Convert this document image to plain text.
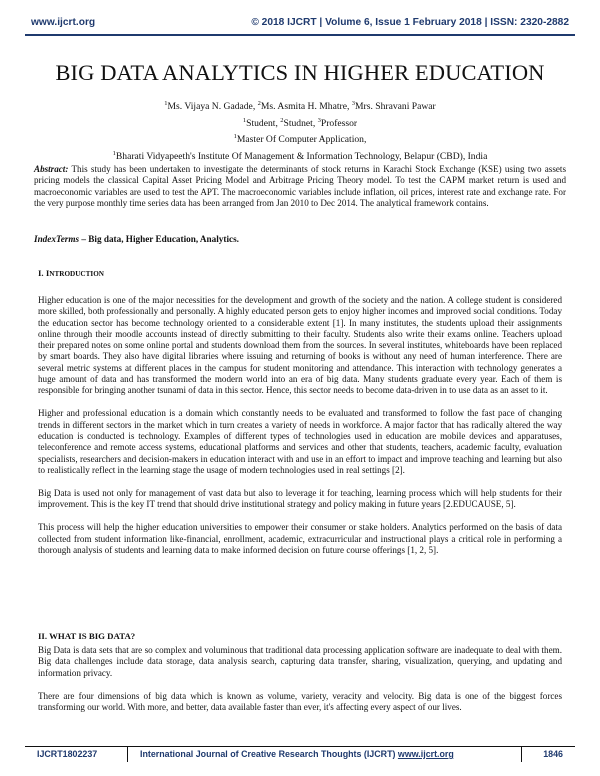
www.ijcrt.org	© 2018 IJCRT | Volume 6, Issue 1 February 2018 | ISSN: 2320-2882
BIG DATA ANALYTICS IN HIGHER EDUCATION
$^1$Ms. Vijaya N. Gadade, $^2$Ms. Asmita H. Mhatre, $^3$Mrs. Shravani Pawar
$^1$Student, $^2$Studnet, $^3$Professor
$^1$Master Of Computer Application,
$^1$Bharati Vidyapeeth's Institute Of Management & Information Technology, Belapur (CBD), India
Abstract: This study has been undertaken to investigate the determinants of stock returns in Karachi Stock Exchange (KSE) using two assets pricing models the classical Capital Asset Pricing Model and Arbitrage Pricing Theory model. To test the CAPM market return is used and macroeconomic variables are used to test the APT. The macroeconomic variables include inflation, oil prices, interest rate and exchange rate. For the very purpose monthly time series data has been arranged from Jan 2010 to Dec 2014. The analytical framework contains.
IndexTerms – Big data, Higher Education, Analytics.
I. INTRODUCTION

Higher education is one of the major necessities for the development and growth of the society and the nation. A college student is considered more skilled, both professionally and personally. A highly educated person gets to enjoy higher incomes and improved social conditions. Today the education sector has become technology oriented to a considerable extent [1]. In many institutes, the students upload their assignments online through their moodle accounts instead of directly submitting to their faculty. Students also write their exams online. Teachers upload their prepared notes on some online portal and students download them from the sources. In several institutes, whiteboards have been replaced by smart boards. They also have digital libraries where issuing and returning of books is without any need of human interference. There are several metric systems at different places in the campus for student monitoring and attendance. This interaction with technology generates a huge amount of data and has transformed the modern world into an era of big data. Many students graduate every year. Each of them is responsible for bringing another tsunami of data in this sector. Hence, this sector needs to become data-driven in to use data as an asset to it.

Higher and professional education is a domain which constantly needs to be evaluated and transformed to follow the fast pace of changing trends in different sectors in the market which in turn creates a variety of needs in workforce. A major factor that has radically altered the way education is conducted is technology. Examples of different types of technologies used in education are mobile devices and apparatuses, teleconference and remote access systems, educational platforms and services and other that students, teachers, academic faculty, evaluation specialists, researchers and decision-makers in education interact with and use in an effort to impact and improve teaching and learning but also to realistically reflect in the learning stage the usage of modern technologies used in real settings [2].

Big Data is used not only for management of vast data but also to leverage it for teaching, learning process which will help students for their improvement. This is the key IT trend that should drive institutional strategy and policy making in future years [2.EDUCAUSE, 5].

This process will help the higher education universities to empower their consumer or stake holders. Analytics performed on the basis of data collected from student information like-financial, enrollment, academic, extracurricular and instructional plays a critical role in performing a thorough analysis of students and learning data to make informed decision on future course offerings [1, 2, 5].

II. WHAT IS BIG DATA?

Big Data is data sets that are so complex and voluminous that traditional data processing application software are inadequate to deal with them. Big data challenges include data storage, data analysis search, capturing data transfer, sharing, visualization, querying, and updating and information privacy.

There are four dimensions of big data which is known as volume, variety, veracity and velocity. Big data is one of the biggest forces transforming our world. With more, and better, data available faster than ever, it's affecting every aspect of our lives.

IJCRT1802237	International Journal of Creative Research Thoughts (IJCRT) www.ijcrt.org	1846
